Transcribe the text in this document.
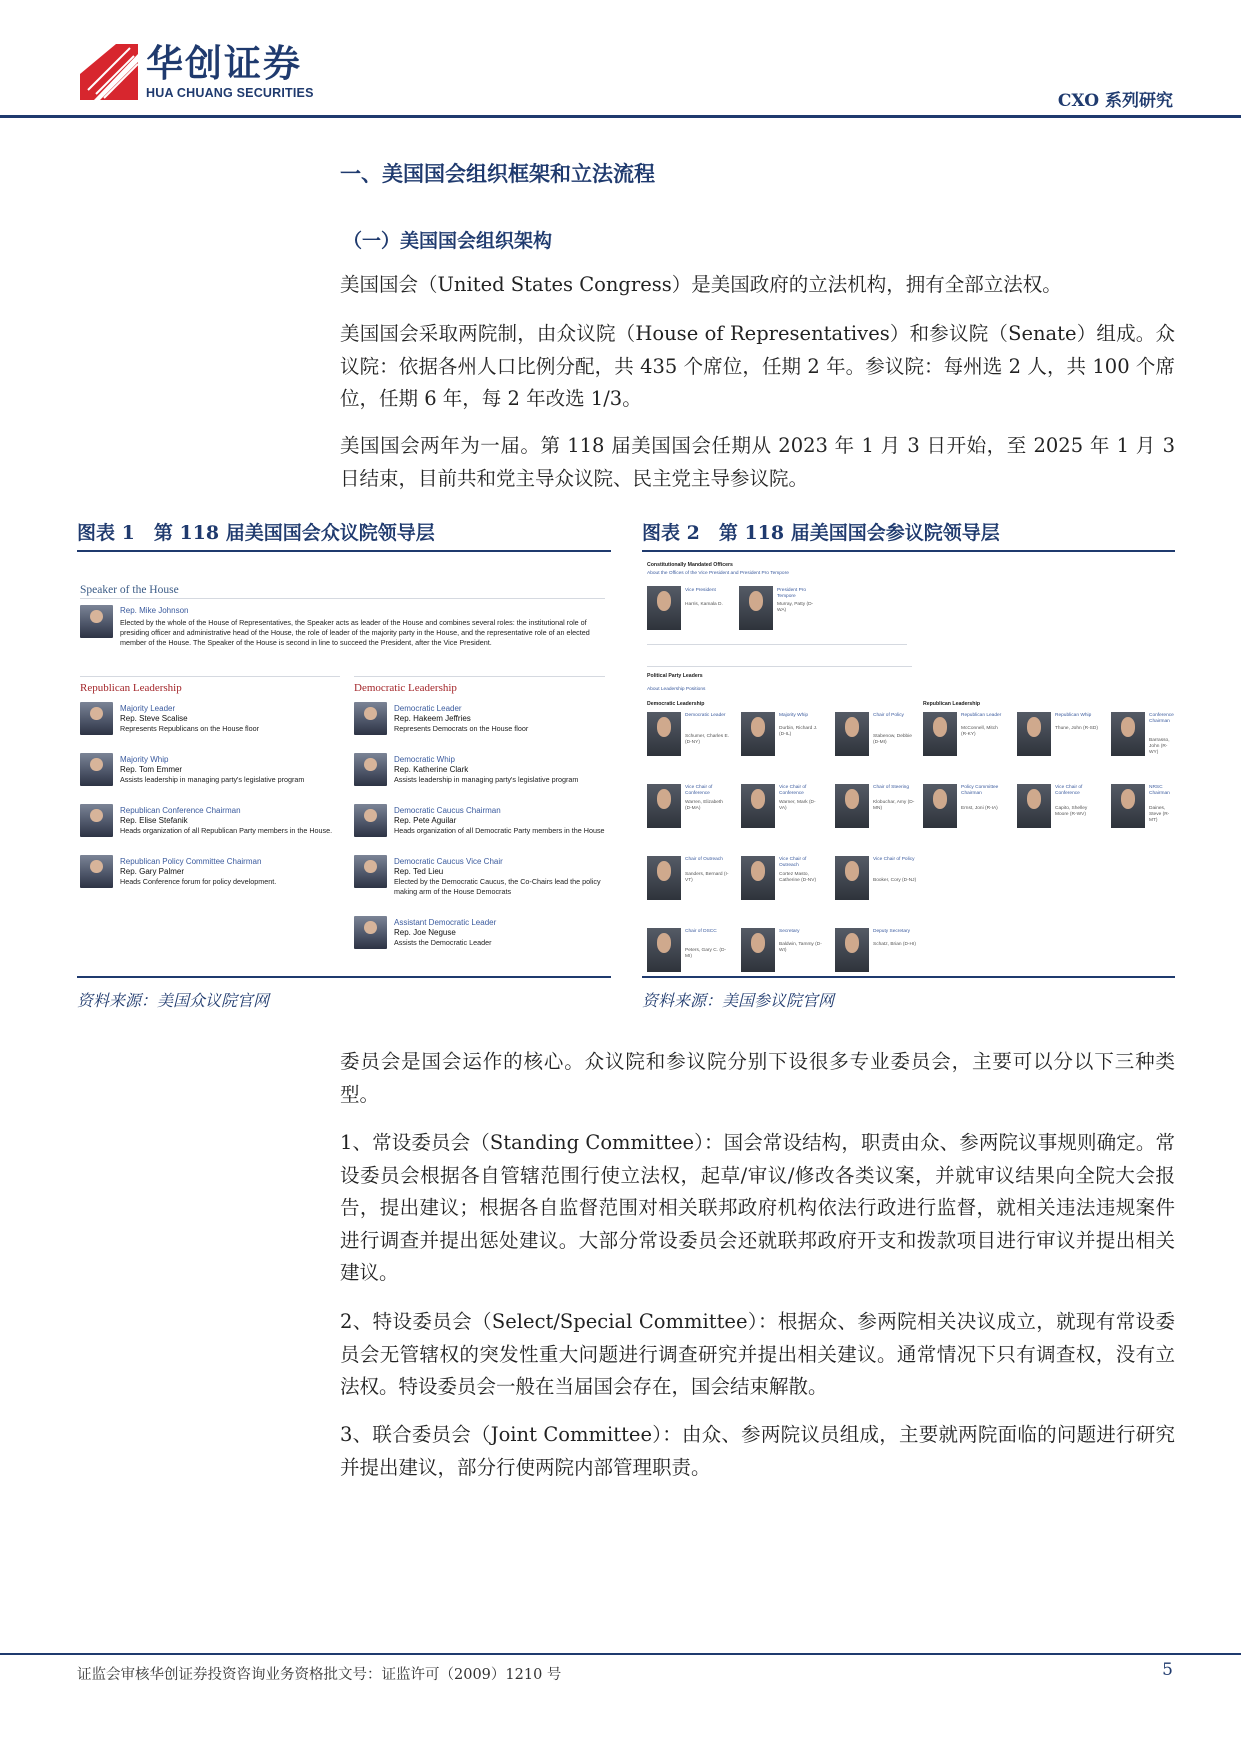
华创证券
HUA CHUANG SECURITIES	CXO 系列研究
一、美国国会组织框架和立法流程
（一）美国国会组织架构
美国国会（United States Congress）是美国政府的立法机构，拥有全部立法权。
美国国会采取两院制，由众议院（House of Representatives）和参议院（Senate）组成。众议院：依据各州人口比例分配，共 435 个席位，任期 2 年。参议院：每州选 2 人，共 100 个席位，任期 6 年，每 2 年改选 1/3。
美国国会两年为一届。第 118 届美国国会任期从 2023 年 1 月 3 日开始，至 2025 年 1 月 3 日结束，目前共和党主导众议院、民主党主导参议院。
图表 1　第 118 届美国国会众议院领导层
Speaker of the House
Rep. Mike Johnson
Elected by the whole of the House of Representatives, the Speaker acts as leader of the House and combines several roles: the institutional role of presiding officer and administrative head of the House, the role of leader of the majority party in the House, and the representative role of an elected member of the House. The Speaker of the House is second in line to succeed the President, after the Vice President.
Republican Leadership	Democratic Leadership
Majority Leader
Rep. Steve Scalise
Represents Republicans on the House floor
Majority Whip
Rep. Tom Emmer
Assists leadership in managing party's legislative program
Republican Conference Chairman
Rep. Elise Stefanik
Heads organization of all Republican Party members in the House.
Republican Policy Committee Chairman
Rep. Gary Palmer
Heads Conference forum for policy development.
Democratic Leader
Rep. Hakeem Jeffries
Represents Democrats on the House floor
Democratic Whip
Rep. Katherine Clark
Assists leadership in managing party's legislative program
Democratic Caucus Chairman
Rep. Pete Aguilar
Heads organization of all Democratic Party members in the House
Democratic Caucus Vice Chair
Rep. Ted Lieu
Elected by the Democratic Caucus, the Co-Chairs lead the policy making arm of the House Democrats
Assistant Democratic Leader
Rep. Joe Neguse
Assists the Democratic Leader
资料来源：美国众议院官网
图表 2　第 118 届美国国会参议院领导层
Constitutionally Mandated Officers
About the Offices of the Vice President and President Pro Tempore
Vice President
Harris, Kamala D.
President Pro Tempore
Murray, Patty (D-WA)
Political Party Leaders
About Leadership Positions
Democratic Leadership	Republican Leadership
Democratic Leader
Schumer, Charles E. (D-NY)
Majority Whip
Durbin, Richard J. (D-IL)
Chair of Policy
Stabenow, Debbie (D-MI)
Vice Chair of Conference
Warren, Elizabeth (D-MA)
Vice Chair of Conference
Warner, Mark (D-VA)
Chair of Steering
Klobuchar, Amy (D-MN)
Chair of Outreach
Sanders, Bernard (I-VT)
Vice Chair of Outreach
Cortez Masto, Catherine (D-NV)
Vice Chair of Policy
Booker, Cory (D-NJ)
Chair of DSCC
Peters, Gary C. (D-MI)
Secretary
Baldwin, Tammy (D-WI)
Deputy Secretary
Schatz, Brian (D-HI)
Republican Leader
McConnell, Mitch (R-KY)
Republican Whip
Thune, John (R-SD)
Conference Chairman
Barrasso, John (R-WY)
Policy Committee Chairman
Ernst, Joni (R-IA)
Vice Chair of Conference
Capito, Shelley Moore (R-WV)
NRSC Chairman
Daines, Steve (R-MT)
资料来源：美国参议院官网
委员会是国会运作的核心。众议院和参议院分别下设很多专业委员会，主要可以分以下三种类型。
1、常设委员会（Standing Committee）：国会常设结构，职责由众、参两院议事规则确定。常设委员会根据各自管辖范围行使立法权，起草/审议/修改各类议案，并就审议结果向全院大会报告，提出建议；根据各自监督范围对相关联邦政府机构依法行政进行监督，就相关违法违规案件进行调查并提出惩处建议。大部分常设委员会还就联邦政府开支和拨款项目进行审议并提出相关建议。
2、特设委员会（Select/Special Committee）：根据众、参两院相关决议成立，就现有常设委员会无管辖权的突发性重大问题进行调查研究并提出相关建议。通常情况下只有调查权，没有立法权。特设委员会一般在当届国会存在，国会结束解散。
3、联合委员会（Joint Committee）：由众、参两院议员组成，主要就两院面临的问题进行研究并提出建议，部分行使两院内部管理职责。
证监会审核华创证券投资咨询业务资格批文号：证监许可（2009）1210 号	5
